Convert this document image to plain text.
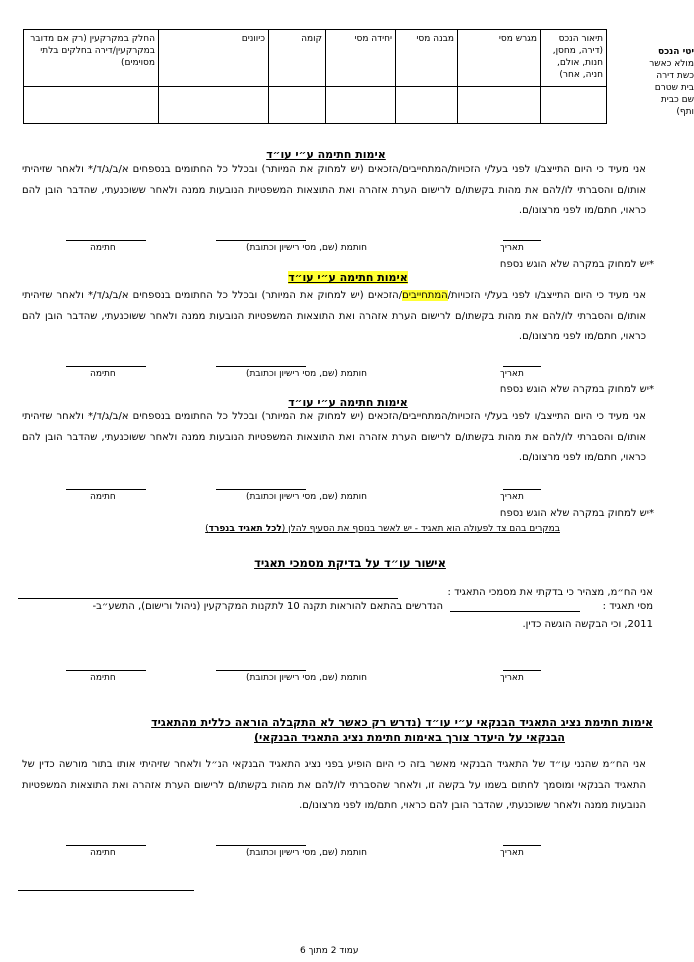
החלק במקרקעין (רק אם מדובר במקרקעין/דירה בחלקים בלתי מסוימים)	כיוונים	קומה	יחידה מסי	מבנה מסי	מגרש מסי	תיאור הנכס (דירה, מחסן, חנות, אולם, חניה, אחר)

יטי הנכס
מולא כאשר
כשת דירה
בית שטרם
שם כבית
ותף)
אימות חתימה ע״י עו״ד
אני מעיד כי היום התייצב/ו לפני בעל/י הזכויות/המתחייבים/הזכאים (יש למחוק את המיותר) ובכלל כל החתומים בנספחים א/ב/ג/ד/* ולאחר שזיהיתי אותו/ם והסברתי לו/להם את מהות בקשתו/ם לרישום הערת אזהרה ואת התוצאות המשפטיות הנובעות ממנה ולאחר ששוכנעתי, שהדבר הובן להם כראוי, חתם/מו לפני מרצונו/ם.
תאריך
חותמת (שם, מסי רישיון וכתובת)
חתימה
*יש למחוק במקרה שלא הוגש נספח
אימות חתימה ע״י עו״ד
אני מעיד כי היום התייצב/ו לפני בעל/י הזכויות/המתחייבים/הזכאים (יש למחוק את המיותר) ובכלל כל החתומים בנספחים א/ב/ג/ד/* ולאחר שזיהיתי אותו/ם והסברתי לו/להם את מהות בקשתו/ם לרישום הערת אזהרה ואת התוצאות המשפטיות הנובעות ממנה ולאחר ששוכנעתי, שהדבר הובן להם כראוי, חתם/מו לפני מרצונו/ם.
תאריך
חותמת (שם, מסי רישיון וכתובת)
חתימה
*יש למחוק במקרה שלא הוגש נספח
אימות חתימה ע״י עו״ד
אני מעיד כי היום התייצב/ו לפני בעל/י הזכויות/המתחייבים/הזכאים (יש למחוק את המיותר) ובכלל כל החתומים בנספחים א/ב/ג/ד/* ולאחר שזיהיתי אותו/ם והסברתי לו/להם את מהות בקשתו/ם לרישום הערת אזהרה ואת התוצאות המשפטיות הנובעות ממנה ולאחר ששוכנעתי, שהדבר הובן להם כראוי, חתם/מו לפני מרצונו/ם.
תאריך
חותמת (שם, מסי רישיון וכתובת)
חתימה
*יש למחוק במקרה שלא הוגש נספח
במקרים בהם צד לפעולה הוא תאגיד - יש לאשר בנוסף את הסעיף להלן (לכל תאגיד בנפרד)
אישור עו״ד על בדיקת מסמכי תאגיד
אני הח״מ, מצהיר כי בדקתי את מסמכי התאגיד :
מסי תאגיד :
הנדרשים בהתאם להוראות תקנה 10 לתקנות המקרקעין (ניהול ורישום), התשע״ב-
2011, וכי הבקשה הוגשה כדין.
תאריך
חותמת (שם, מסי רישיון וכתובת)
חתימה
אימות חתימת נציג התאגיד הבנקאי ע״י עו״ד (נדרש רק כאשר לא התקבלה הוראה כללית מהתאגיד
הבנקאי על היעדר צורך באימות חתימת נציג התאגיד הבנקאי)
אני הח״מ שהנני עו״ד של התאגיד הבנקאי מאשר בזה כי היום הופיע בפני נציג התאגיד הבנקאי הנ״ל ולאחר שזיהיתי אותו בתור מורשה כדין של התאגיד הבנקאי ומוסמך לחתום בשמו על בקשה זו, ולאחר שהסברתי לו/להם את מהות בקשתו/ם לרישום הערת אזהרה ואת התוצאות המשפטיות הנובעות ממנה ולאחר ששוכנעתי, שהדבר הובן להם כראוי, חתם/מו לפני מרצונו/ם.
תאריך
חותמת (שם, מסי רישיון וכתובת)
חתימה
עמוד 2 מתוך 6
